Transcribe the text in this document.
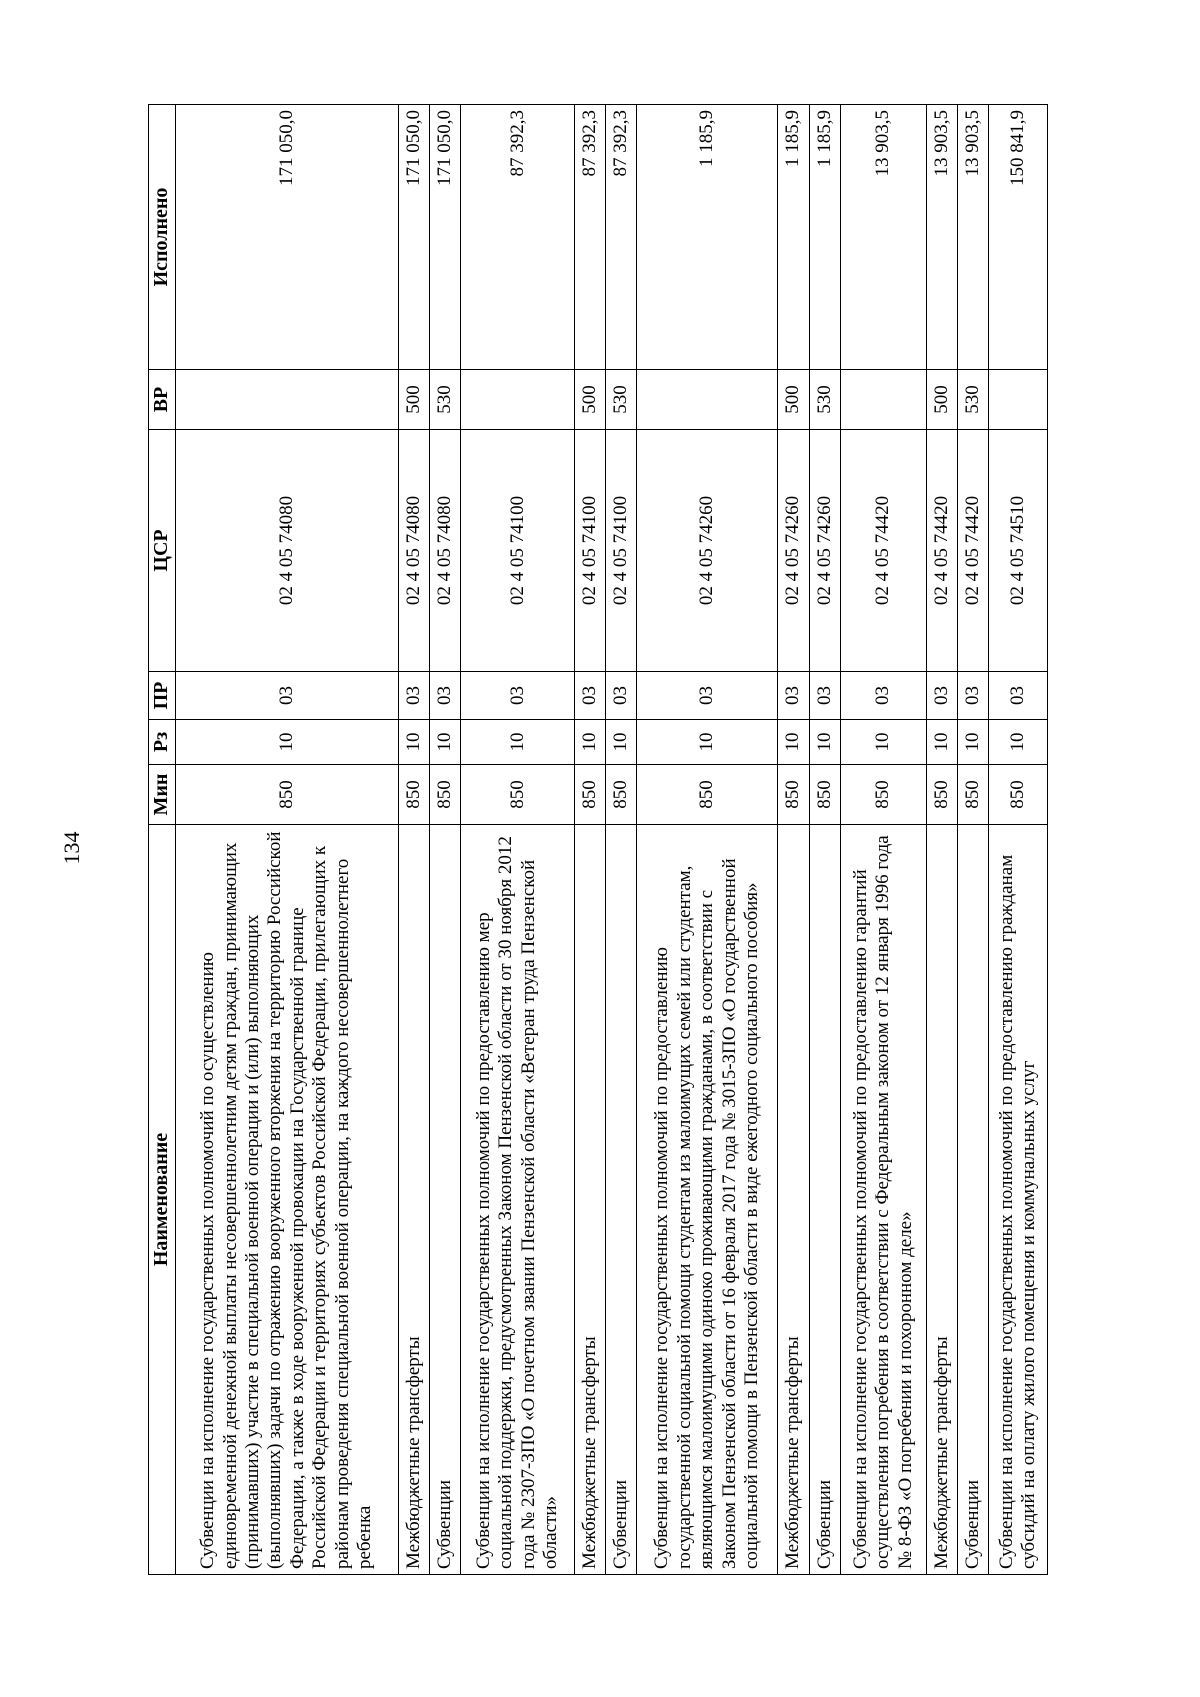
134
Наименование	Мин	Рз	ПР	ЦСР	ВР	Исполнено
Субвенции на исполнение государственных полномочий по осуществлению единовременной денежной выплаты несовершеннолетним детям граждан, принимающих (принимавших) участие в специальной военной операции и (или) выполняющих (выполнявших) задачи по отражению вооруженного вторжения на территорию Российской Федерации, а также в ходе вооруженной провокации на Государственной границе Российской Федерации и территориях субъектов Российской Федерации, прилегающих к районам проведения специальной военной операции, на каждого несовершеннолетнего ребенка	850	10	03	02 4 05 74080		171 050,0
Межбюджетные трансферты	850	10	03	02 4 05 74080	500	171 050,0
Субвенции	850	10	03	02 4 05 74080	530	171 050,0
Субвенции на исполнение государственных полномочий по предоставлению мер социальной поддержки, предусмотренных Законом Пензенской области от 30 ноября 2012 года № 2307-ЗПО «О почетном звании Пензенской области «Ветеран труда Пензенской области»	850	10	03	02 4 05 74100		87 392,3
Межбюджетные трансферты	850	10	03	02 4 05 74100	500	87 392,3
Субвенции	850	10	03	02 4 05 74100	530	87 392,3
Субвенции на исполнение государственных полномочий по предоставлению государственной социальной помощи студентам из малоимущих семей или студентам, являющимся малоимущими одиноко проживающими гражданами, в соответствии с Законом Пензенской области от 16 февраля 2017 года № 3015-ЗПО «О государственной социальной помощи в Пензенской области в виде ежегодного социального пособия»	850	10	03	02 4 05 74260		1 185,9
Межбюджетные трансферты	850	10	03	02 4 05 74260	500	1 185,9
Субвенции	850	10	03	02 4 05 74260	530	1 185,9
Субвенции на исполнение государственных полномочий по предоставлению гарантий осуществления погребения в соответствии с Федеральным законом от 12 января 1996 года № 8-ФЗ «О погребении и похоронном деле»	850	10	03	02 4 05 74420		13 903,5
Межбюджетные трансферты	850	10	03	02 4 05 74420	500	13 903,5
Субвенции	850	10	03	02 4 05 74420	530	13 903,5
Субвенции на исполнение государственных полномочий по предоставлению гражданам субсидий на оплату жилого помещения и коммунальных услуг	850	10	03	02 4 05 74510		150 841,9
